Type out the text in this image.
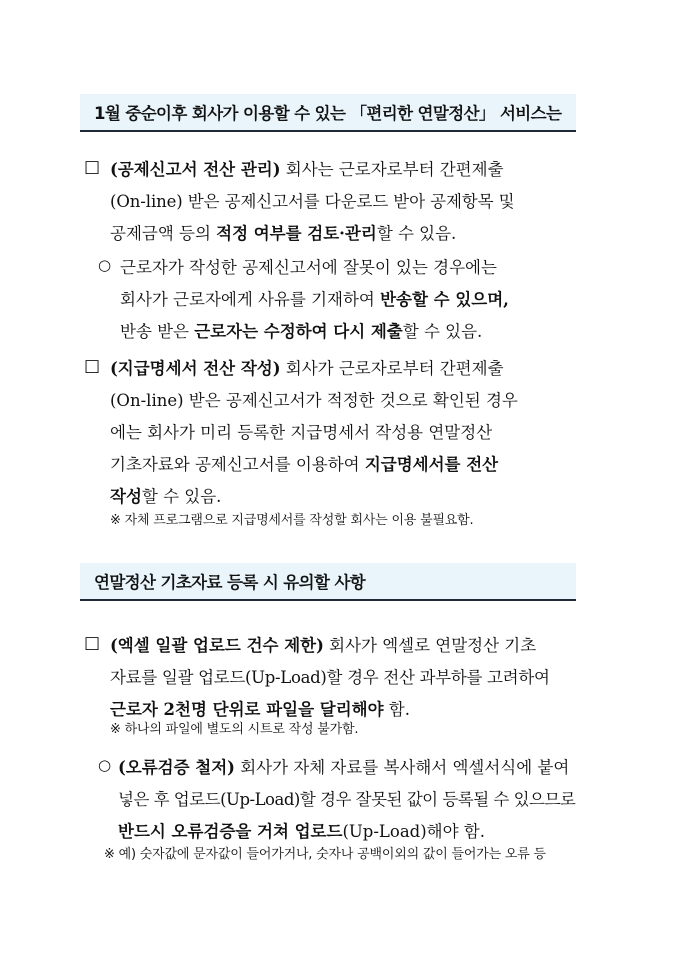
1월 중순이후 회사가 이용할 수 있는 「편리한 연말정산」 서비스는
□ (공제신고서 전산 관리) 회사는 근로자로부터 간편제출
(On-line) 받은 공제신고서를 다운로드 받아 공제항목 및
공제금액 등의 적정 여부를 검토·관리할 수 있음.
○ 근로자가 작성한 공제신고서에 잘못이 있는 경우에는
회사가 근로자에게 사유를 기재하여 반송할 수 있으며,
반송 받은 근로자는 수정하여 다시 제출할 수 있음.
□ (지급명세서 전산 작성) 회사가 근로자로부터 간편제출
(On-line) 받은 공제신고서가 적정한 것으로 확인된 경우
에는 회사가 미리 등록한 지급명세서 작성용 연말정산
기초자료와 공제신고서를 이용하여 지급명세서를 전산
작성할 수 있음.
※ 자체 프로그램으로 지급명세서를 작성할 회사는 이용 불필요함.
연말정산 기초자료 등록 시 유의할 사항
□ (엑셀 일괄 업로드 건수 제한) 회사가 엑셀로 연말정산 기초
자료를 일괄 업로드(Up-Load)할 경우 전산 과부하를 고려하여
근로자 2천명 단위로 파일을 달리해야 함.
※ 하나의 파일에 별도의 시트로 작성 불가함.
○ (오류검증 철저) 회사가 자체 자료를 복사해서 엑셀서식에 붙여
넣은 후 업로드(Up-Load)할 경우 잘못된 값이 등록될 수 있으므로
반드시 오류검증을 거쳐 업로드(Up-Load)해야 함.
※ 예) 숫자값에 문자값이 들어가거나, 숫자나 공백이외의 값이 들어가는 오류 등
